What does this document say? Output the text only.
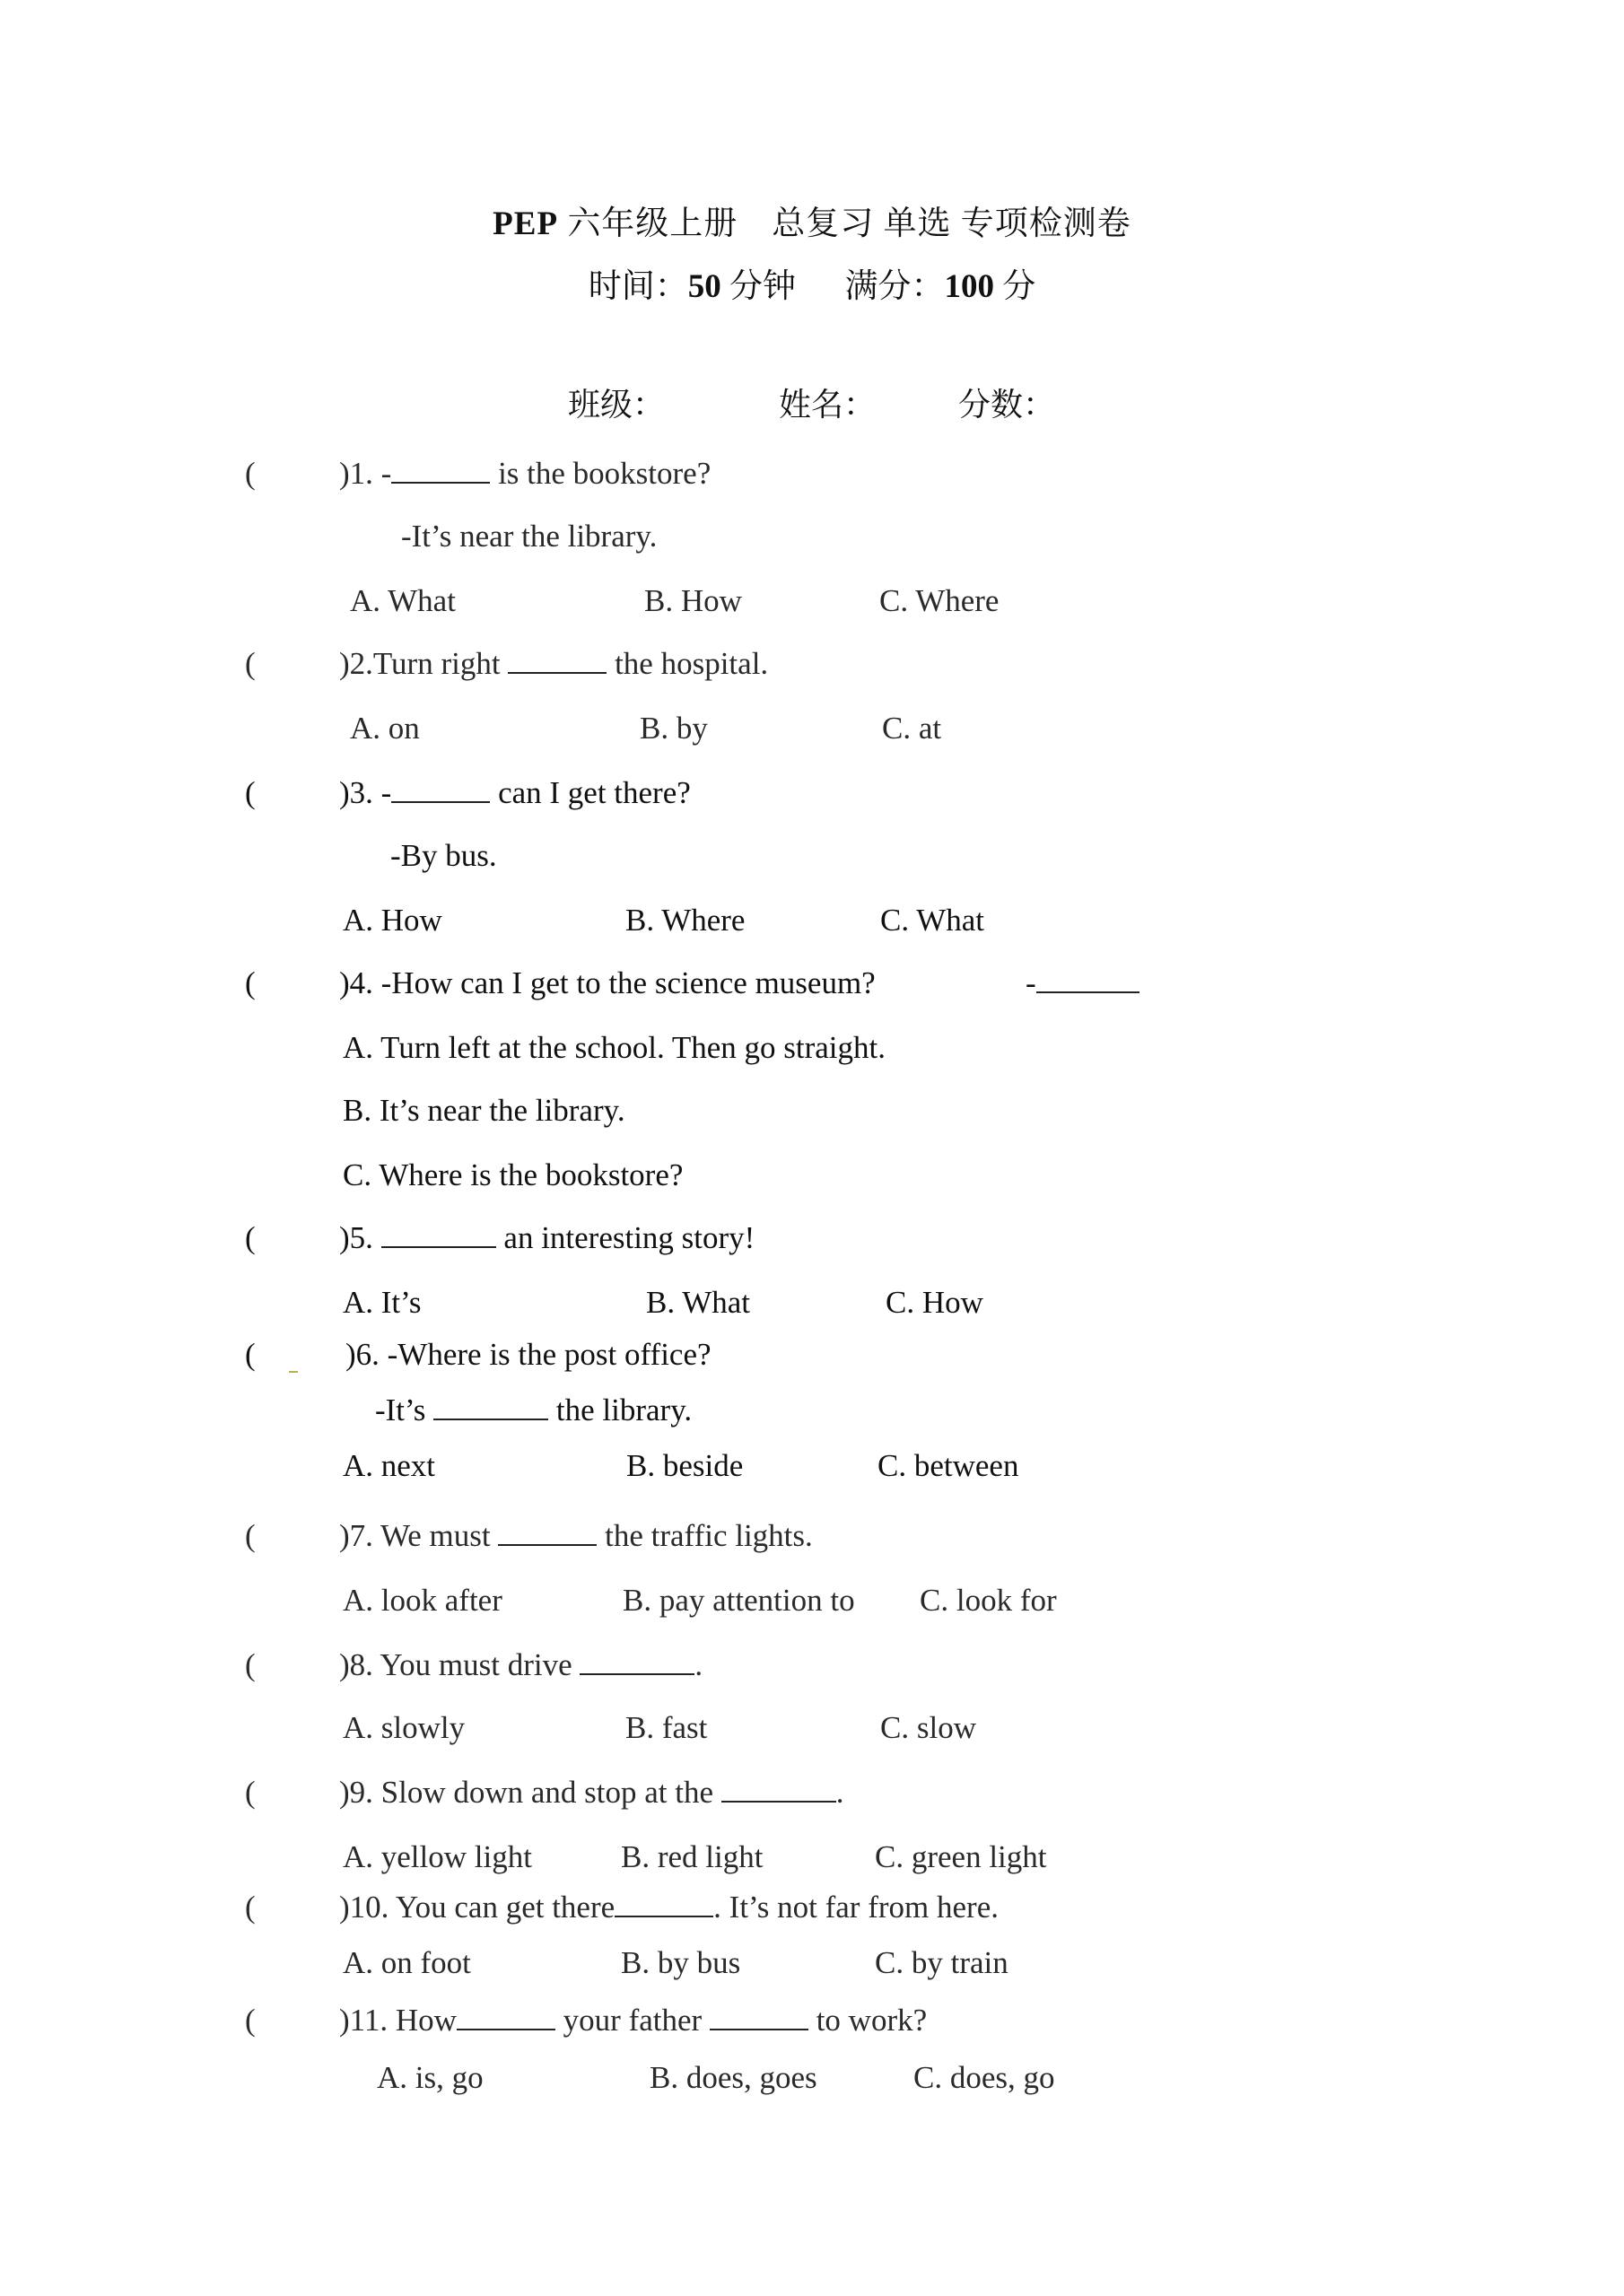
PEP 六年级上册　总复习 单选 专项检测卷
时间：50 分钟 满分：100 分
班级：	姓名：	分数：
(	)1. -	is the bookstore?
-It’s near the library.
A. What	B. How	C. Where
(	)2.Turn right	the hospital.
A. on	B. by	C. at
(	)3. -	can I get there?
-By bus.
A. How	B. Where	C. What
(	)4. -How can I get to the science museum?	-
A. Turn left at the school. Then go straight.
B. It’s near the library.
C. Where is the bookstore?
(	)5.	an interesting story!
A. It’s	B. What	C. How
(	)6. -Where is the post office?
-It’s	the library.
A. next	B. beside	C. between
(	)7. We must	the traffic lights.
A. look after	B. pay attention to C. look for
(	)8. You must drive	.
A. slowly	B. fast	C. slow
(	)9. Slow down and stop at the	.
A. yellow light	B. red light	C. green light
(	)10. You can get there	. It’s not far from here.
A. on foot	B. by bus	C. by train
(	)11. How	your father	to work?
A. is, go	B. does, goes	C. does, go
